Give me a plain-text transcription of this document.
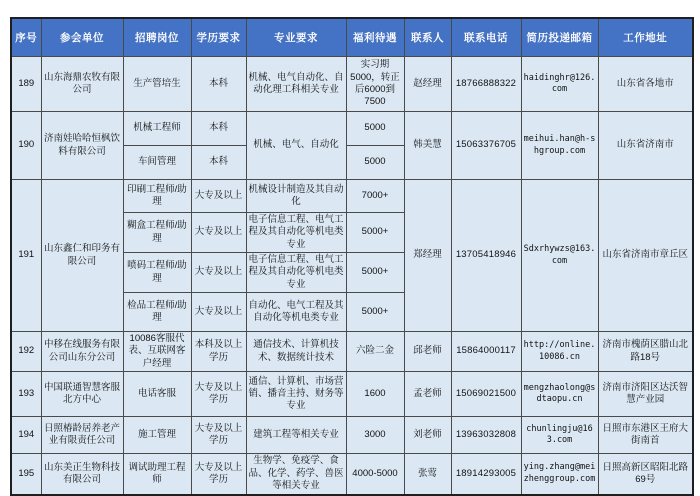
序号	参会单位	招聘岗位	学历要求	专业要求	福利待遇	联系人	联系电话	简历投递邮箱	工作地址
189	山东海鼎农牧有限公司	生产管培生	本科	机械、电气自动化、自动化理工科相关专业	实习期5000，转正后6000到7500	赵经理	18766888322	haidinghr@126.com	山东省各地市
190	济南娃哈哈恒枫饮料有限公司	机械工程师	本科	机械、电气、自动化	5000	韩美慧	15063376705	meihui.han@h-shgroup.com	山东省济南市
		车间管理	本科		5000				
191	山东鑫仁和印务有限公司	印刷工程师/助理	大专及以上	机械设计制造及其自动化	7000+	郑经理	13705418946	Sdxrhywzs@163.com	山东省济南市章丘区
		糊盒工程师/助理	大专及以上	电子信息工程、电气工程及其自动化等机电类专业	5000+				
		喷码工程师/助理	大专及以上	电子信息工程、电气工程及其自动化等机电类专业	5000+				
		检品工程师/助理	大专及以上	自动化、电气工程及其自动化等机电类专业	5000+				
192	中移在线服务有限公司山东分公司	10086客服代表、互联网客户经理	本科及以上学历	通信技术、计算机技术、数据统计技术	六险二金	邱老师	15864000117	http://online.10086.cn	济南市槐荫区腊山北路18号
193	中国联通智慧客服北方中心	电话客服	大专及以上学历	通信、计算机、市场营销、播音主持、财务等专业	1600	孟老师	15069021500	mengzhaolong@sdtaopu.cn	济南市济阳区达沃智慧产业园
194	日照椿龄居养老产业有限责任公司	施工管理	大专及以上学历	建筑工程等相关专业	3000	刘老师	13963032808	chunlingju@163.com	日照市东港区王府大街南首
195	山东美正生物科技有限公司	调试助理工程师	大专及以上学历	生物学、免疫学、食品、化学、药学、兽医等相关专业	4000-5000	张莺	18914293005	ying.zhang@meizhenggroup.com	日照高新区昭阳北路69号
